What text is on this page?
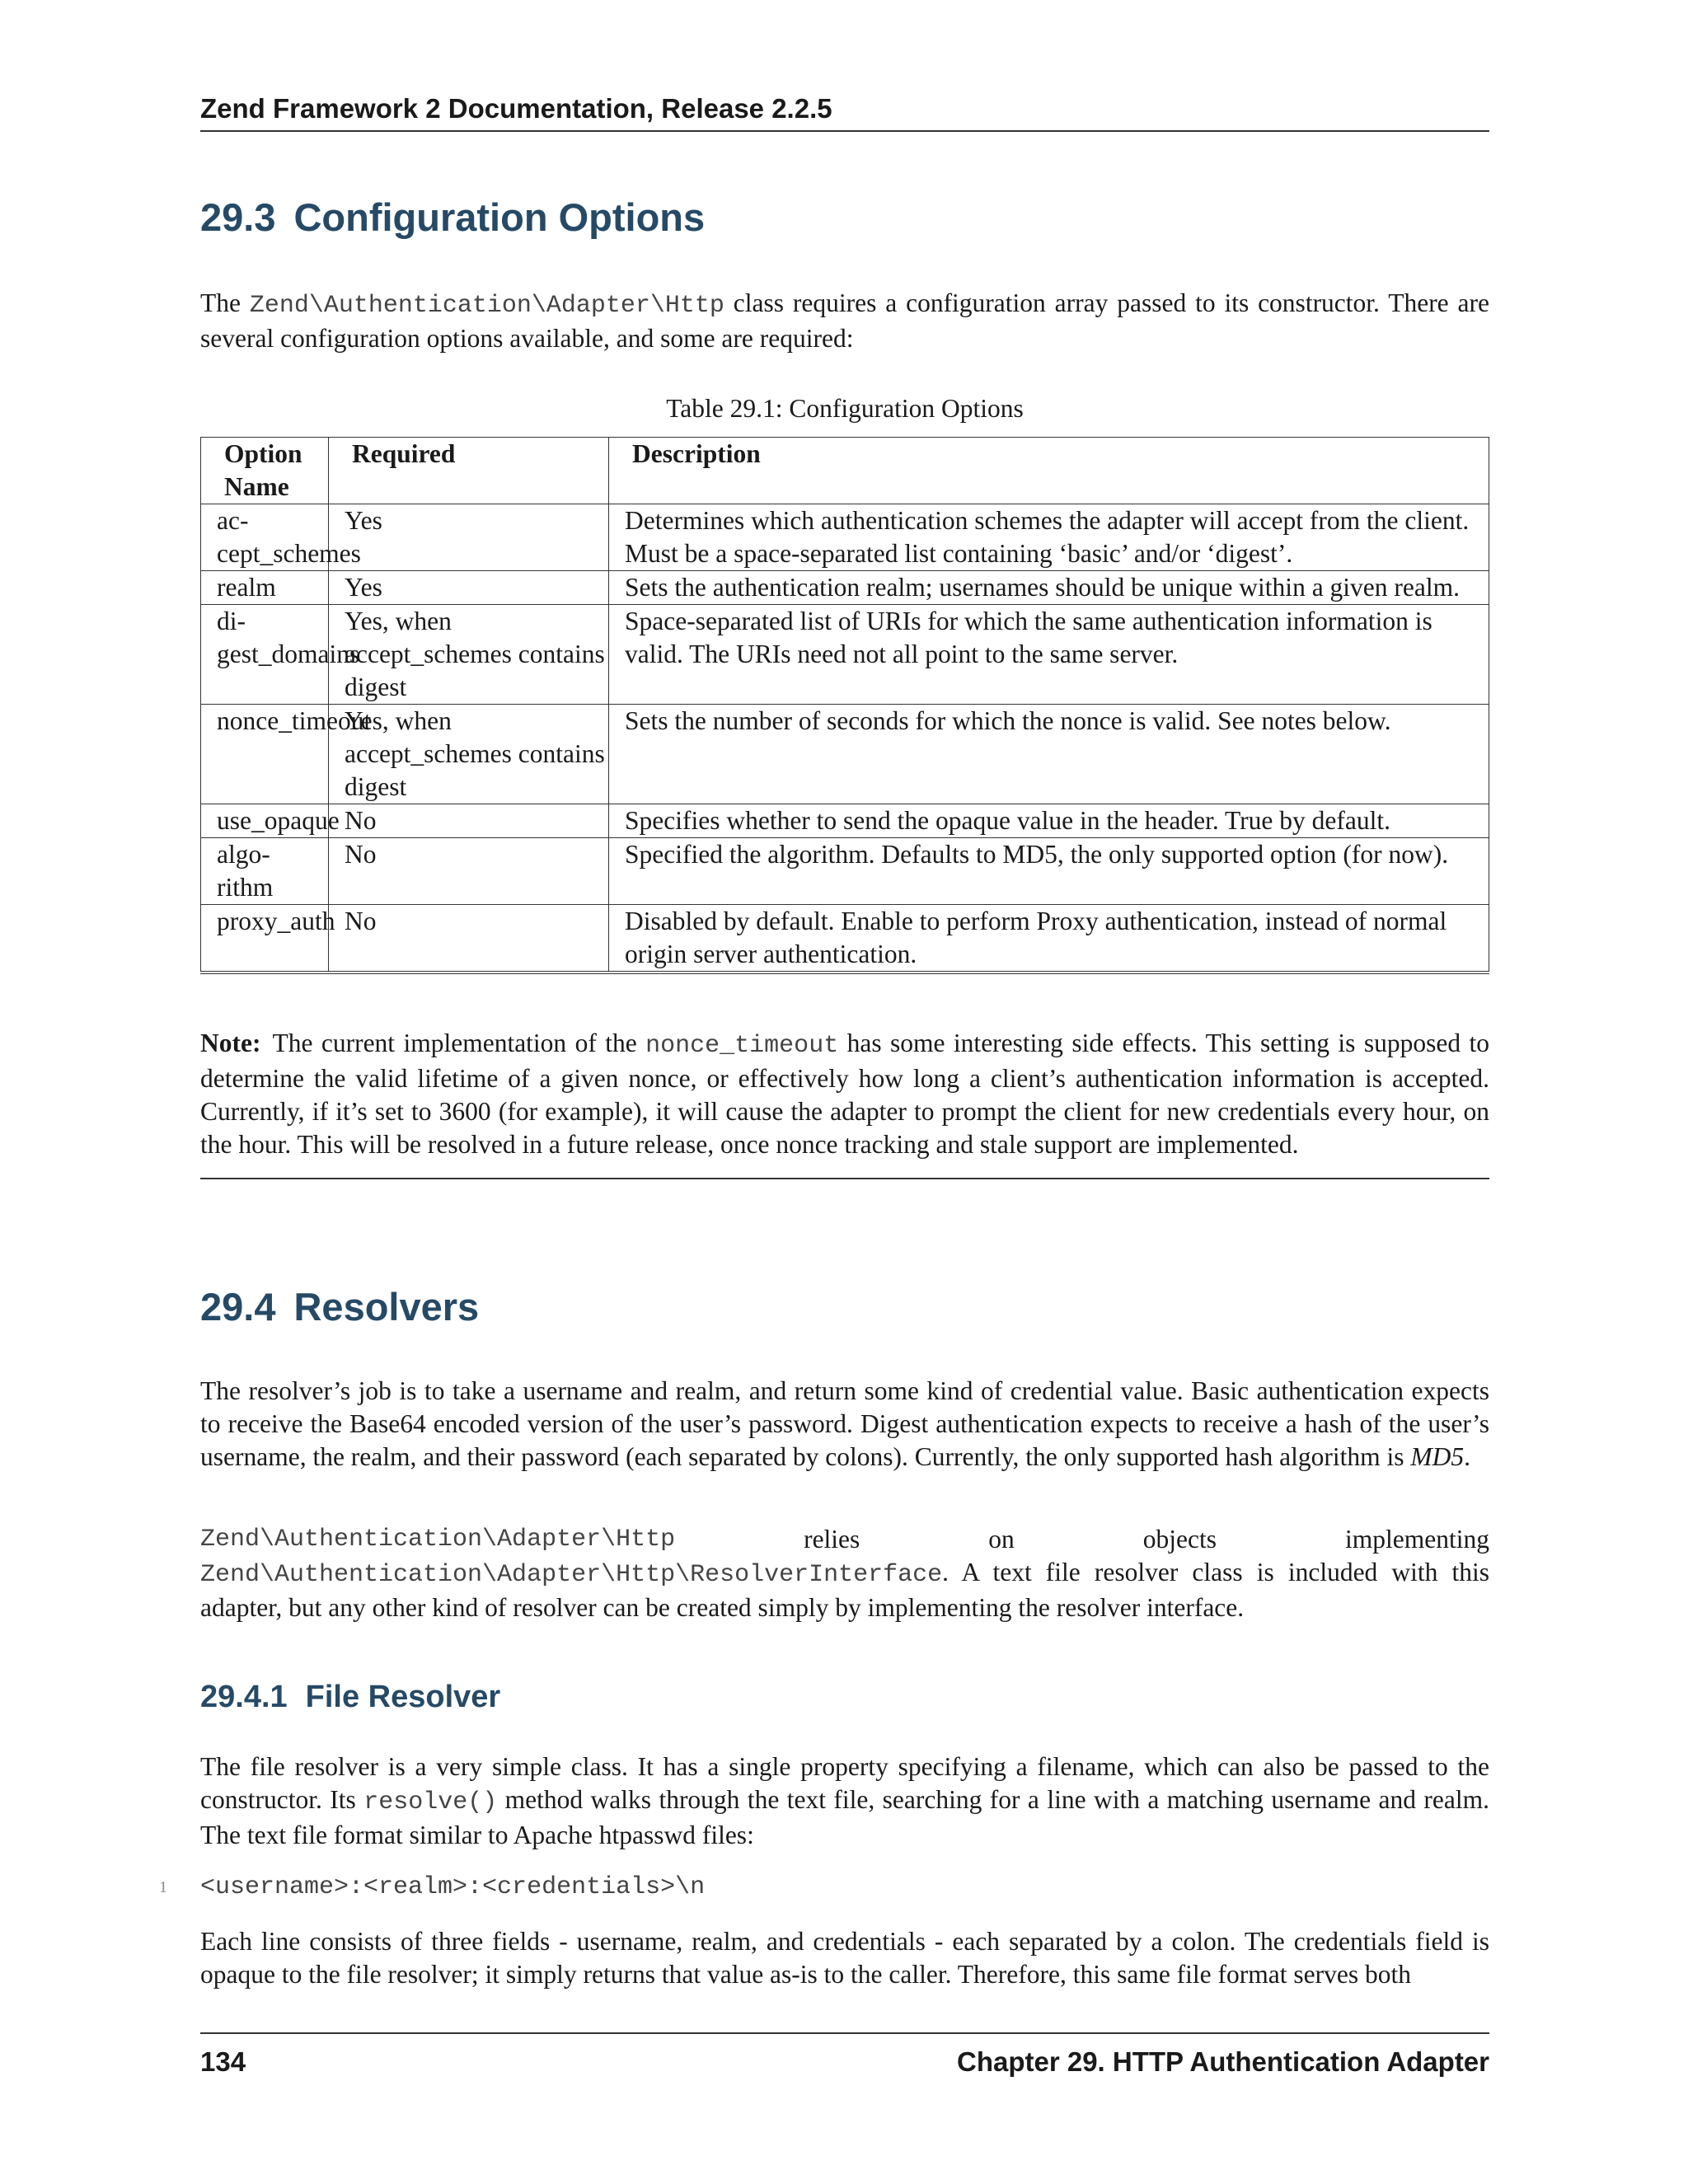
Zend Framework 2 Documentation, Release 2.2.5
29.3 Configuration Options

The Zend\Authentication\Adapter\Http class requires a configuration array passed to its constructor. There are several configuration options available, and some are required:

Table 29.1: Configuration Options
Option Name	Required	Description
ac-
cept_schemes	Yes	Determines which authentication schemes the adapter will accept from the client. Must be a space-separated list containing ‘basic’ and/or ‘digest’.
realm	Yes	Sets the authentication realm; usernames should be unique within a given realm.
di-
gest_domains	Yes, when accept_schemes contains digest	Space-separated list of URIs for which the same authentication information is valid. The URIs need not all point to the same server.
nonce_timeout	Yes, when accept_schemes contains digest	Sets the number of seconds for which the nonce is valid. See notes below.
use_opaque	No	Specifies whether to send the opaque value in the header. True by default.
algo-
rithm	No	Specified the algorithm. Defaults to MD5, the only supported option (for now).
proxy_auth	No	Disabled by default. Enable to perform Proxy authentication, instead of normal origin server authentication.

Note: The current implementation of the nonce_timeout has some interesting side effects. This setting is supposed to determine the valid lifetime of a given nonce, or effectively how long a client’s authentication information is accepted. Currently, if it’s set to 3600 (for example), it will cause the adapter to prompt the client for new credentials every hour, on the hour. This will be resolved in a future release, once nonce tracking and stale support are implemented.

29.4 Resolvers

The resolver’s job is to take a username and realm, and return some kind of credential value. Basic authentication expects to receive the Base64 encoded version of the user’s password. Digest authentication expects to receive a hash of the user’s username, the realm, and their password (each separated by colons). Currently, the only supported hash algorithm is MD5.

Zend\Authentication\Adapter\Http	relies	on	objects	implementing
Zend\Authentication\Adapter\Http\ResolverInterface. A text file resolver class is included with this adapter, but any other kind of resolver can be created simply by implementing the resolver interface.
29.4.1 File Resolver

The file resolver is a very simple class. It has a single property specifying a filename, which can also be passed to the constructor. Its resolve() method walks through the text file, searching for a line with a matching username and realm. The text file format similar to Apache htpasswd files:

1 <username>:<realm>:<credentials>\n

Each line consists of three fields - username, realm, and credentials - each separated by a colon. The credentials field is opaque to the file resolver; it simply returns that value as-is to the caller. Therefore, this same file format serves both

134	Chapter 29. HTTP Authentication Adapter
